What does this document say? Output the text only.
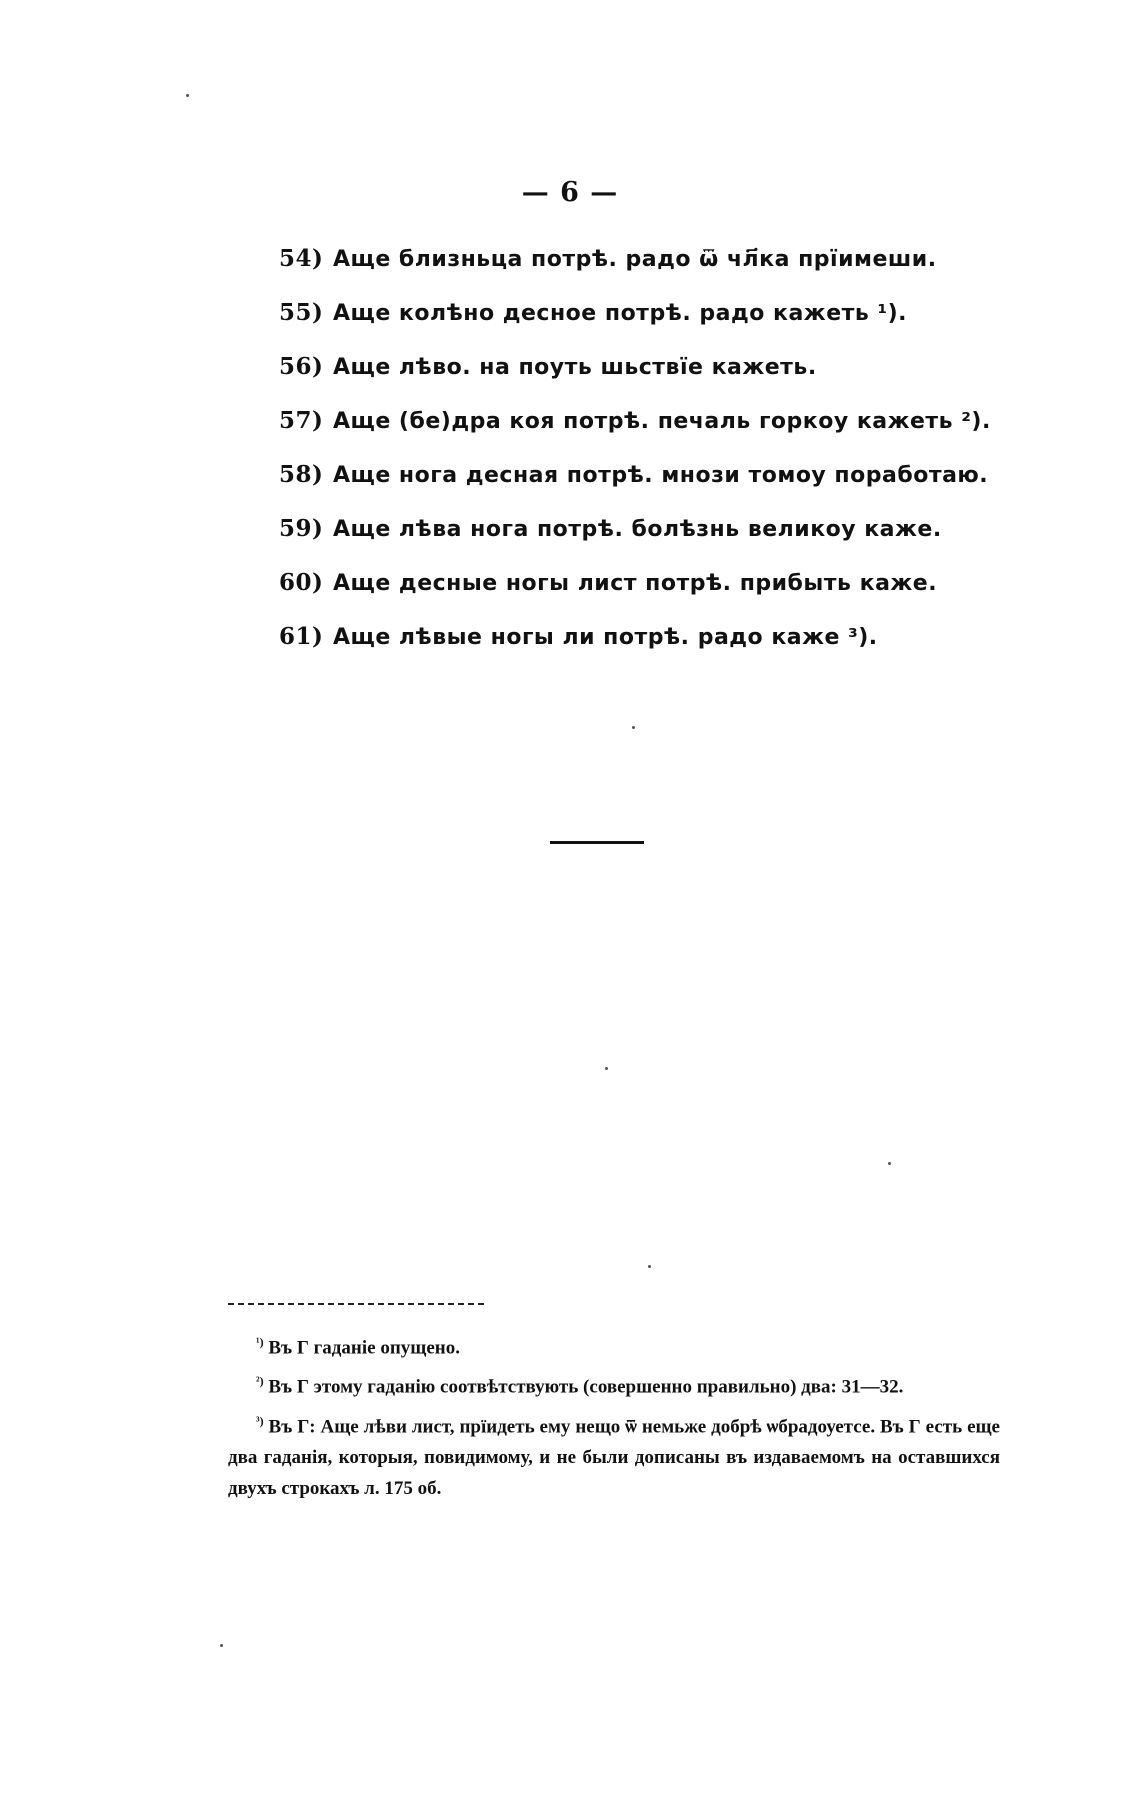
— 6 —
54) Аще близньца потрѣ. радо ѿ чл҃ка прїимеши.
55) Аще колѣно десное потрѣ. радо кажеть ¹).
56) Аще лѣво. на поуть шьствїе кажеть.
57) Аще (бе)дра коя потрѣ. печаль горкоу кажеть ²).
58) Аще нога десная потрѣ. мнози томоу поработаю.
59) Аще лѣва нога потрѣ. болѣзнь великоу каже.
60) Аще десные ногы лист потрѣ. прибыть каже.
61) Аще лѣвые ногы ли потрѣ. радо каже ³).

$^{^1)}$ Въ Г гаданіе опущено.

$^{^2)}$ Въ Г этому гаданію соотвѣтствують (совершенно правильно) два: 31—32.

$^{^3)}$ Въ Г: Аще лѣви лист, прїидеть ему нещо ѿ немьже добрѣ ѡбрадоуетсе. Въ Г есть еще два гаданія, которыя, повидимому, и не были дописаны въ издаваемомъ на оставшихся двухъ строкахъ л. 175 об.
